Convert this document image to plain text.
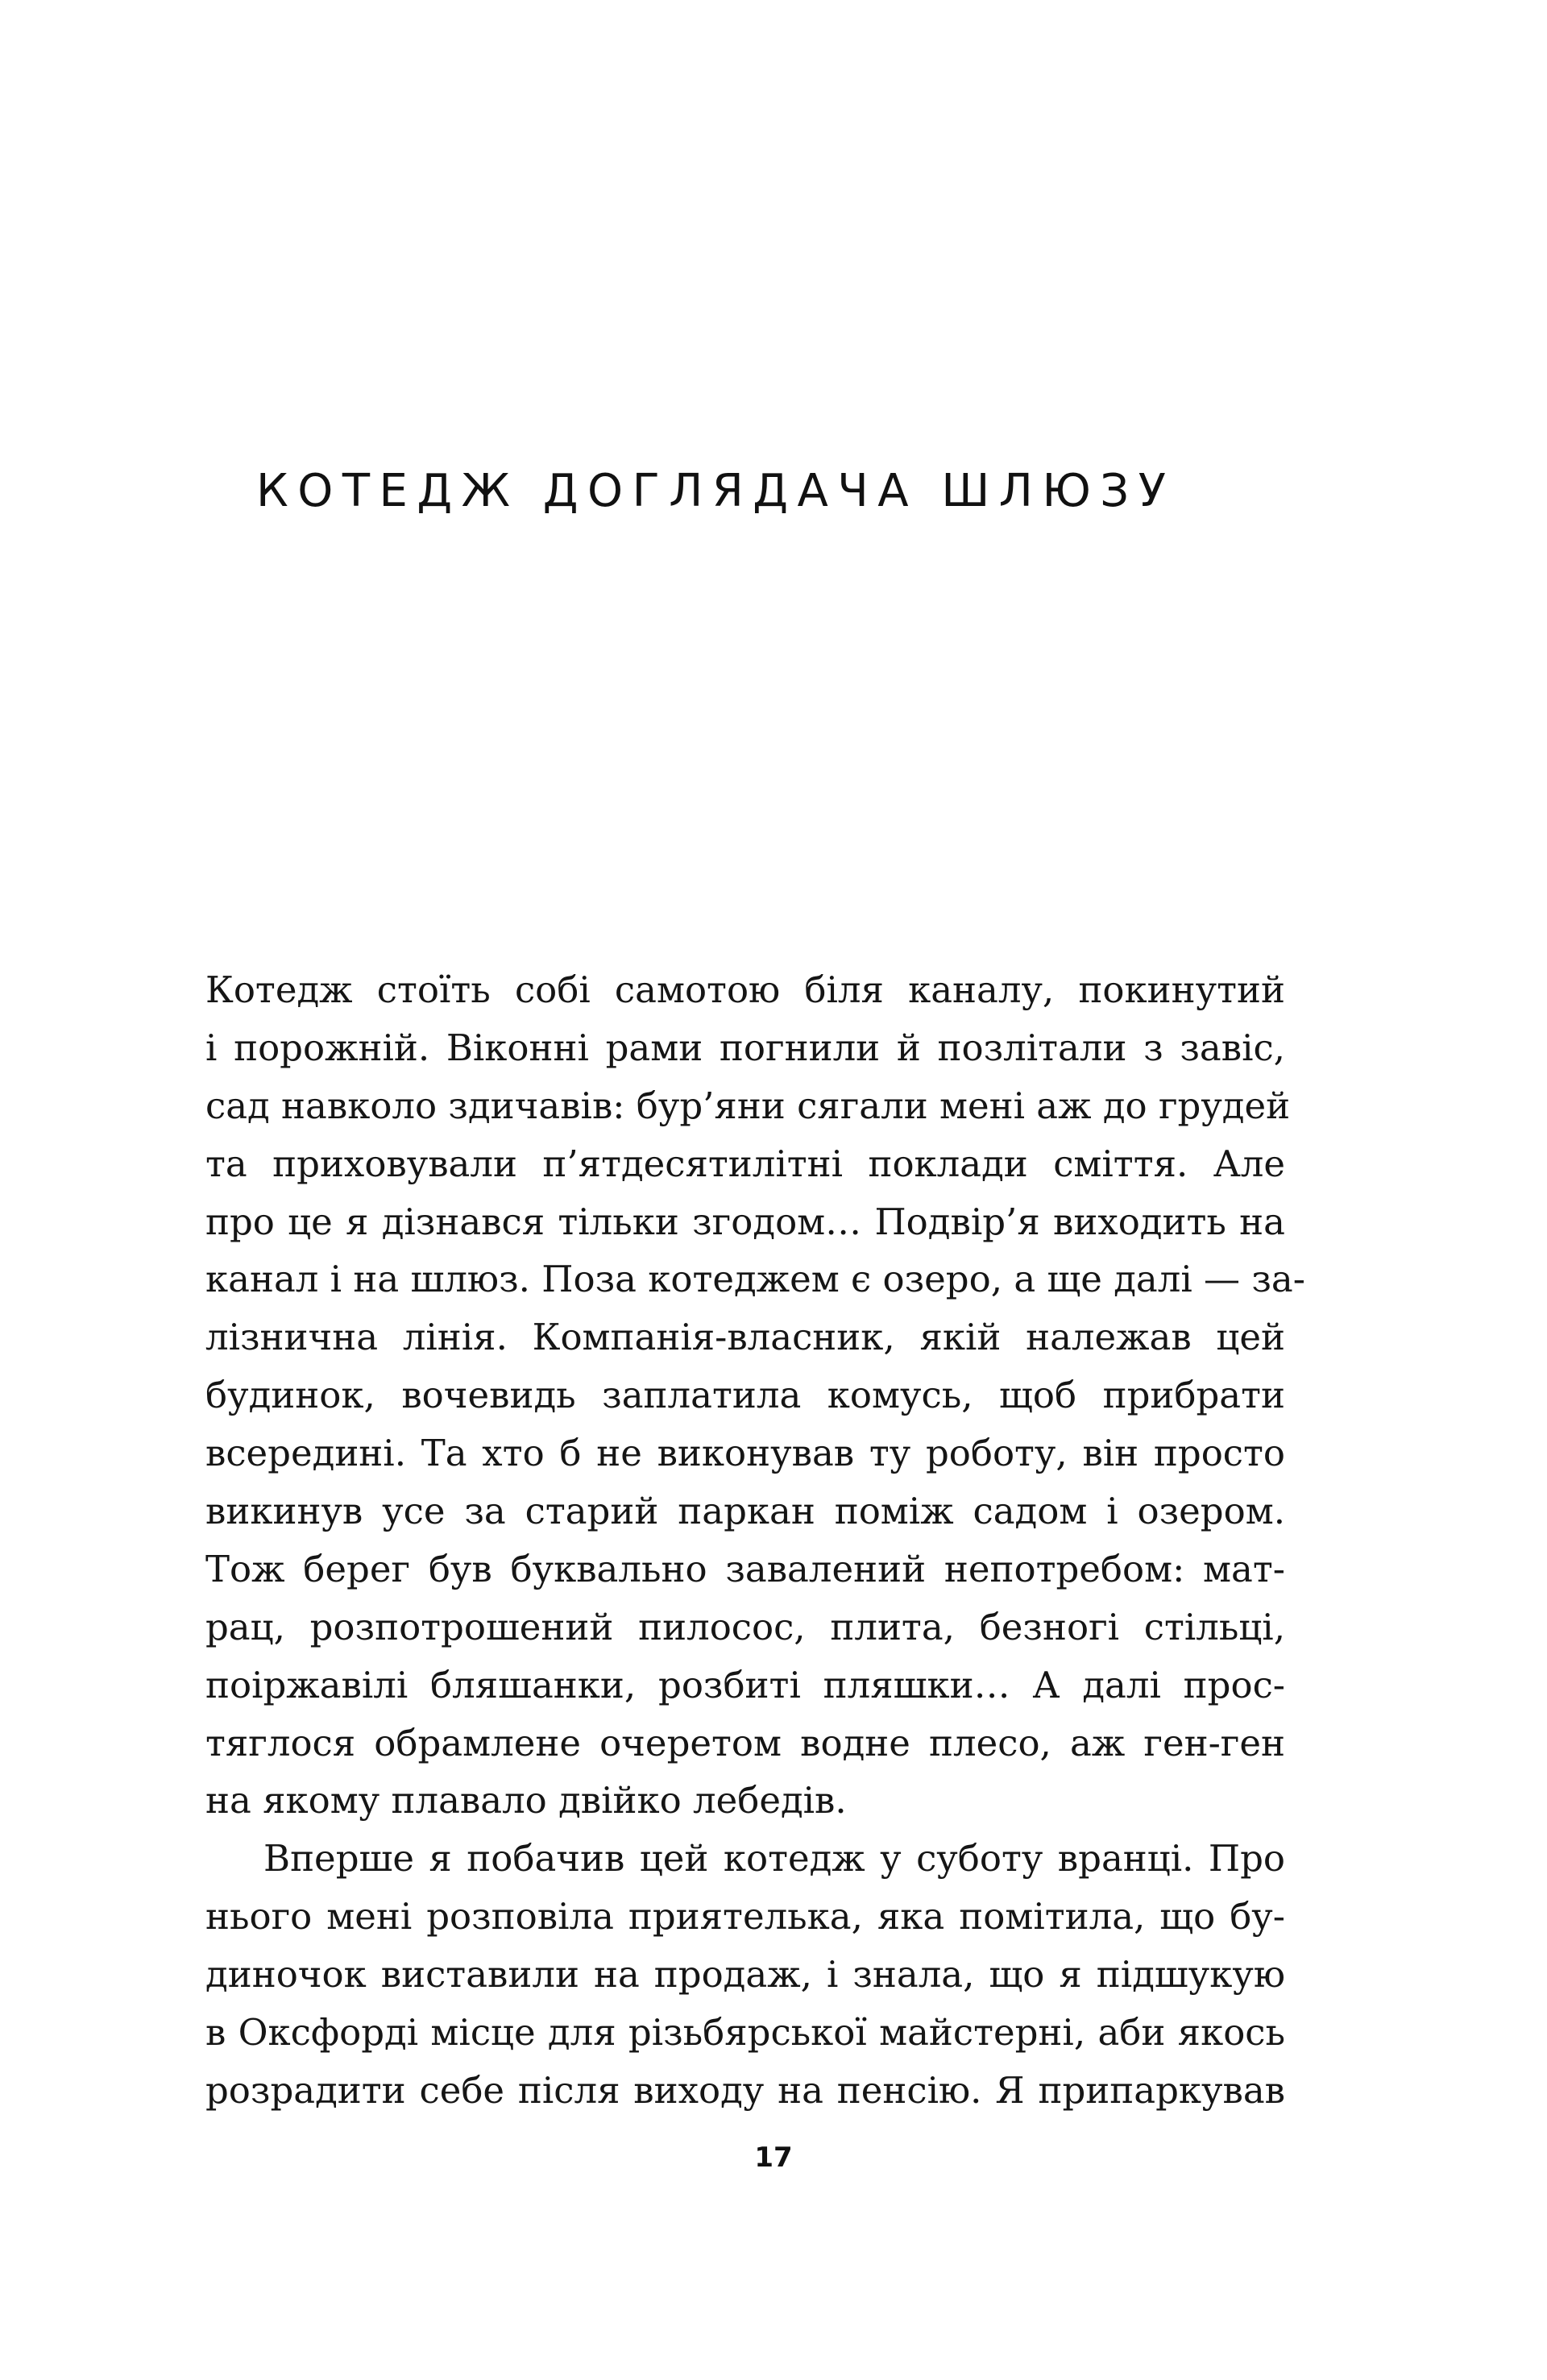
КОТЕДЖ ДОГЛЯДАЧА ШЛЮЗУ
Котедж стоїть собі самотою біля каналу, покинутий
і порожній. Віконні рами погнили й позлітали з завіс,
сад навколо здичавів: бур’яни сягали мені аж до грудей
та приховували п’ятдесятилітні поклади сміття. Але
про це я дізнався тільки згодом… Подвір’я виходить на
канал і на шлюз. Поза котеджем є озеро, а ще далі — за-
лізнична лінія. Компанія-власник, якій належав цей
будинок, вочевидь заплатила комусь, щоб прибрати
всередині. Та хто б не виконував ту роботу, він просто
викинув усе за старий паркан поміж садом і озером.
Тож берег був буквально завалений непотребом: мат-
рац, розпотрошений пилосос, плита, безногі стільці,
поіржавілі бляшанки, розбиті пляшки… А далі прос-
тяглося обрамлене очеретом водне плесо, аж ген-ген
на якому плавало двійко лебедів.
Вперше я побачив цей котедж у суботу вранці. Про
нього мені розповіла приятелька, яка помітила, що бу-
диночок виставили на продаж, і знала, що я підшукую
в Оксфорді місце для різьбярської майстерні, аби якось
розрадити себе після виходу на пенсію. Я припаркував
17
